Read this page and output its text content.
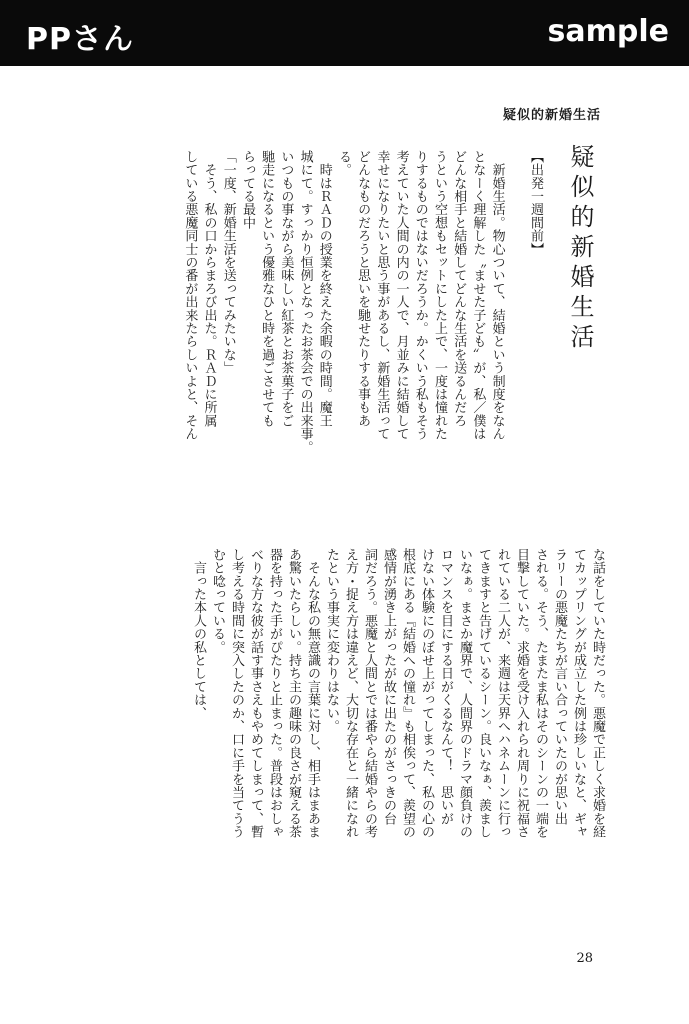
PPさん	sample
疑似的新婚生活
疑似的新婚生活
【出発一週間前】

　新婚生活。物心ついて、結婚という制度をなん
となーく理解した〝ませた子ども〟が、私／僕は
どんな相手と結婚してどんな生活を送るんだろ
うという空想もセットにした上で、一度は憧れた
りするものではないだろうか。かくいう私もそう
考えていた人間の内の一人で、月並みに結婚して
幸せになりたいと思う事があるし、新婚生活って
どんなものだろうと思いを馳せたりする事もあ
る。
　時はＲＡＤの授業を終えた余暇の時間。魔王
城にて。すっかり恒例となったお茶会での出来事。
いつもの事ながら美味しい紅茶とお茶菓子をご
馳走になるという優雅なひと時を過ごさせても
らってる最中
「一度、新婚生活を送ってみたいな」
　そう、私の口からまろび出た。ＲＡＤに所属
している悪魔同士の番が出来たらしいよと、そん
な話をしていた時だった。悪魔で正しく求婚を経
てカップリングが成立した例は珍しいなと、ギャ
ラリーの悪魔たちが言い合っていたのが思い出
される。そう、たまたま私はそのシーンの一端を
目撃していた。求婚を受け入れられ周りに祝福さ
れている二人が、来週は天界へハネムーンに行っ
てきますと告げているシーン。良いなぁ、羨まし
いなぁ。まさか魔界で、人間界のドラマ顔負けの
ロマンスを目にする日がくるなんて！　思いが
けない体験にのぼせ上がってしまった、私の心の
根底にある『結婚への憧れ』も相俟って、羨望の
感情が湧き上がったが故に出たのがさっきの台
詞だろう。悪魔と人間とでは番やら結婚やらの考
え方・捉え方は違えど、大切な存在と一緒になれ
たという事実に変わりはない。
　そんな私の無意識の言葉に対し、相手はまあま
あ驚いたらしい。持ち主の趣味の良さが窺える茶
器を持った手がぴたりと止まった。普段はおしゃ
べりな方な彼が話す事さえもやめてしまって、暫
し考える時間に突入したのか、口に手を当てうう
むと唸っている。
　言った本人の私としては、
28
